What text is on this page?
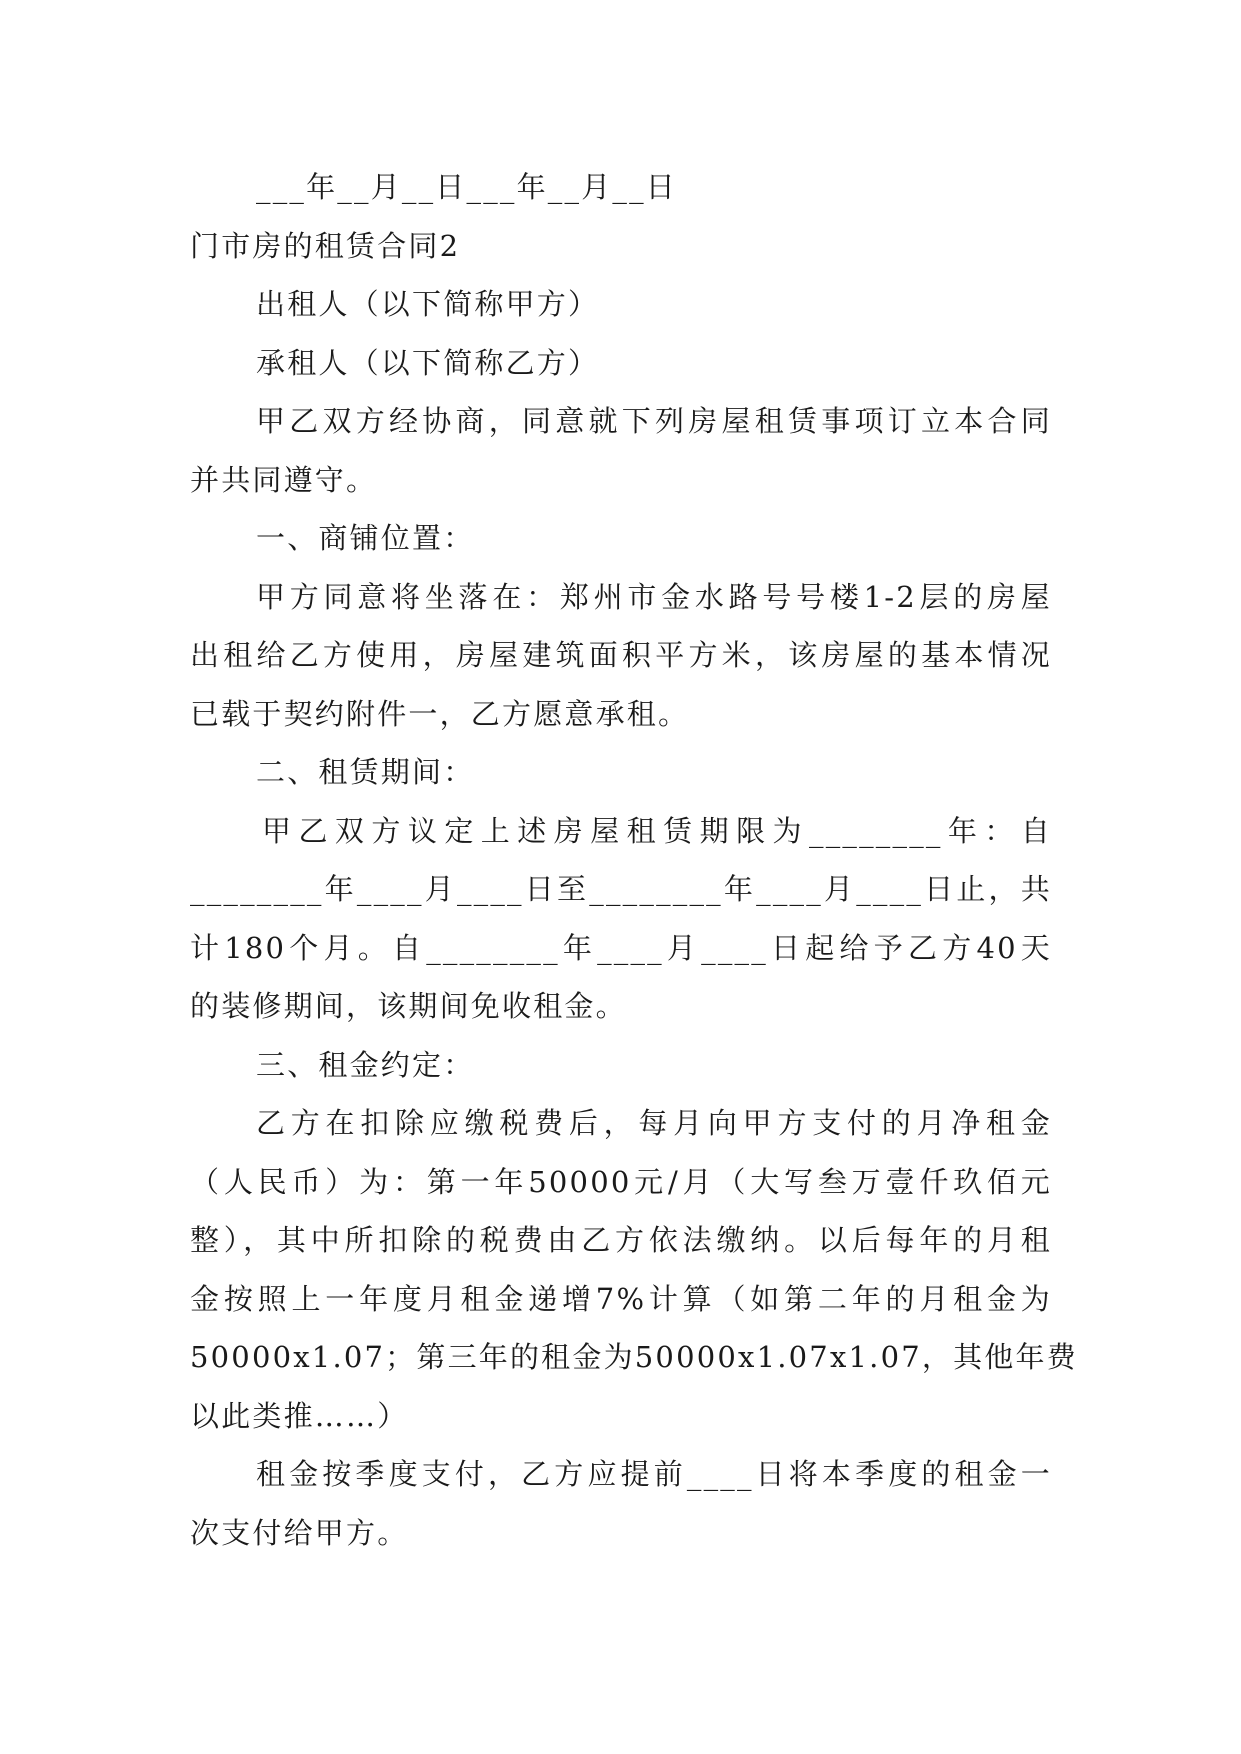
___年__月__日___年__月__日
门市房的租赁合同2
出租人（以下简称甲方）
承租人（以下简称乙方）
甲乙双方经协商，同意就下列房屋租赁事项订立本合同
并共同遵守。
一、商铺位置：
甲方同意将坐落在：郑州市金水路号号楼1-2层的房屋
出租给乙方使用，房屋建筑面积平方米，该房屋的基本情况
已载于契约附件一，乙方愿意承租。
二、租赁期间：
甲乙双方议定上述房屋租赁期限为________年：自
________年____月____日至________年____月____日止，共
计180个月。自________年____月____日起给予乙方40天
的装修期间，该期间免收租金。
三、租金约定：
乙方在扣除应缴税费后，每月向甲方支付的月净租金
（人民币）为：第一年50000元/月（大写叁万壹仟玖佰元
整），其中所扣除的税费由乙方依法缴纳。以后每年的月租
金按照上一年度月租金递增7%计算（如第二年的月租金为
50000x1.07；第三年的租金为50000x1.07x1.07，其他年费
以此类推……）
租金按季度支付，乙方应提前____日将本季度的租金一
次支付给甲方。
